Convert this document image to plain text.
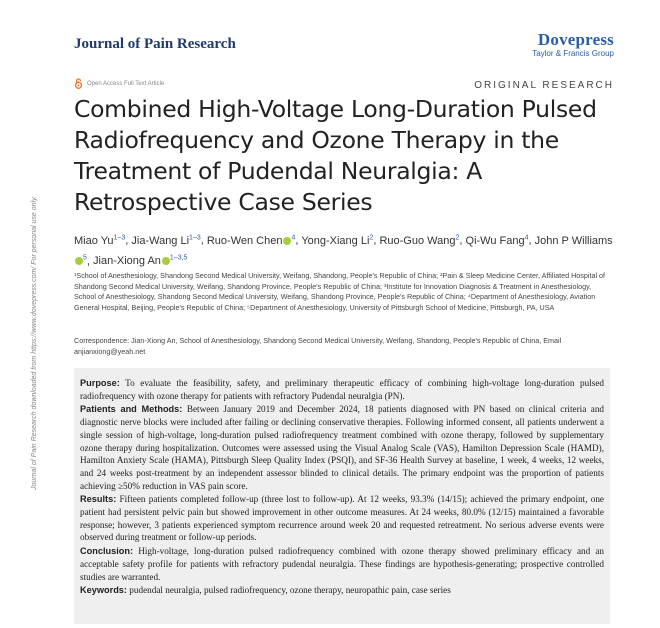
Journal of Pain Research	Dovepress
Taylor & Francis Group
Open Access Full Text Article	ORIGINAL RESEARCH
Journal of Pain Research downloaded from https://www.dovepress.com/ For personal use only.
Combined High-Voltage Long-Duration Pulsed Radiofrequency and Ozone Therapy in the Treatment of Pudendal Neuralgia: A Retrospective Case Series
Miao Yu$^{1-3}$, Jia-Wang Li$^{1-3}$, Ruo-Wen Chen $^4$, Yong-Xiang Li$^2$, Ruo-Guo Wang$^2$, Qi-Wu Fang$^4$, John P Williams$^5$, Jian-Xiong An $^{1-3,5}$
¹School of Anesthesiology, Shandong Second Medical University, Weifang, Shandong, People's Republic of China; ²Pain & Sleep Medicine Center, Affiliated Hospital of Shandong Second Medical University, Weifang, Shandong Province, People's Republic of China; ³Institute for Innovation Diagnosis & Treatment in Anesthesiology, School of Anesthesiology, Shandong Second Medical University, Weifang, Shandong Province, People's Republic of China; ⁴Department of Anesthesiology, Aviation General Hospital, Beijing, People's Republic of China; ⁵Department of Anesthesiology, University of Pittsburgh School of Medicine, Pittsburgh, PA, USA
Correspondence: Jian-Xiong An, School of Anesthesiology, Shandong Second Medical University, Weifang, Shandong, People's Republic of China, Email anjianxiong@yeah.net

Purpose: To evaluate the feasibility, safety, and preliminary therapeutic efficacy of combining high-voltage long-duration pulsed radiofrequency with ozone therapy for patients with refractory Pudendal neuralgia (PN).

Patients and Methods: Between January 2019 and December 2024, 18 patients diagnosed with PN based on clinical criteria and diagnostic nerve blocks were included after failing or declining conservative therapies. Following informed consent, all patients underwent a single session of high-voltage, long-duration pulsed radiofrequency treatment combined with ozone therapy, followed by supplementary ozone therapy during hospitalization. Outcomes were assessed using the Visual Analog Scale (VAS), Hamilton Depression Scale (HAMD), Hamilton Anxiety Scale (HAMA), Pittsburgh Sleep Quality Index (PSQI), and SF-36 Health Survey at baseline, 1 week, 4 weeks, 12 weeks, and 24 weeks post-treatment by an independent assessor blinded to clinical details. The primary endpoint was the proportion of patients achieving ≥50% reduction in VAS pain score.

Results: Fifteen patients completed follow-up (three lost to follow-up). At 12 weeks, 93.3% (14/15); achieved the primary endpoint, one patient had persistent pelvic pain but showed improvement in other outcome measures. At 24 weeks, 80.0% (12/15) maintained a favorable response; however, 3 patients experienced symptom recurrence around week 20 and requested retreatment. No serious adverse events were observed during treatment or follow-up periods.

Conclusion: High-voltage, long-duration pulsed radiofrequency combined with ozone therapy showed preliminary efficacy and an acceptable safety profile for patients with refractory pudendal neuralgia. These findings are hypothesis-generating; prospective controlled studies are warranted.

Keywords: pudendal neuralgia, pulsed radiofrequency, ozone therapy, neuropathic pain, case series
